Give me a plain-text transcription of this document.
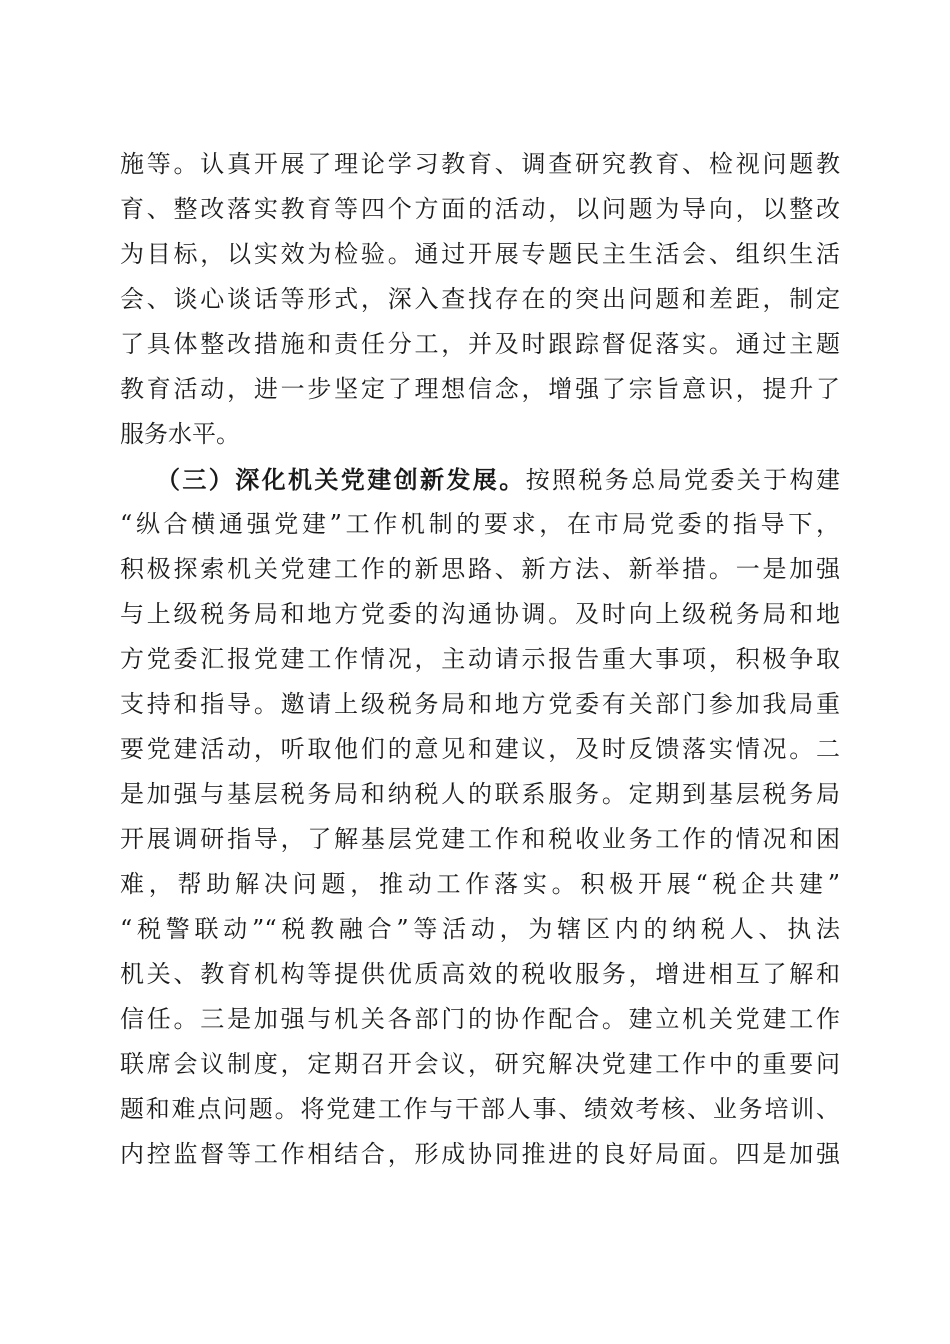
施等。认真开展了理论学习教育、调查研究教育、检视问题教
育、整改落实教育等四个方面的活动，以问题为导向，以整改
为目标，以实效为检验。通过开展专题民主生活会、组织生活
会、谈心谈话等形式，深入查找存在的突出问题和差距，制定
了具体整改措施和责任分工，并及时跟踪督促落实。通过主题
教育活动，进一步坚定了理想信念，增强了宗旨意识，提升了
服务水平。
（三）深化机关党建创新发展。按照税务总局党委关于构建
“纵合横通强党建”工作机制的要求，在市局党委的指导下，
积极探索机关党建工作的新思路、新方法、新举措。一是加强
与上级税务局和地方党委的沟通协调。及时向上级税务局和地
方党委汇报党建工作情况，主动请示报告重大事项，积极争取
支持和指导。邀请上级税务局和地方党委有关部门参加我局重
要党建活动，听取他们的意见和建议，及时反馈落实情况。二
是加强与基层税务局和纳税人的联系服务。定期到基层税务局
开展调研指导，了解基层党建工作和税收业务工作的情况和困
难，帮助解决问题，推动工作落实。积极开展“税企共建”
“税警联动”“税教融合”等活动，为辖区内的纳税人、执法
机关、教育机构等提供优质高效的税收服务，增进相互了解和
信任。三是加强与机关各部门的协作配合。建立机关党建工作
联席会议制度，定期召开会议，研究解决党建工作中的重要问
题和难点问题。将党建工作与干部人事、绩效考核、业务培训、
内控监督等工作相结合，形成协同推进的良好局面。四是加强
